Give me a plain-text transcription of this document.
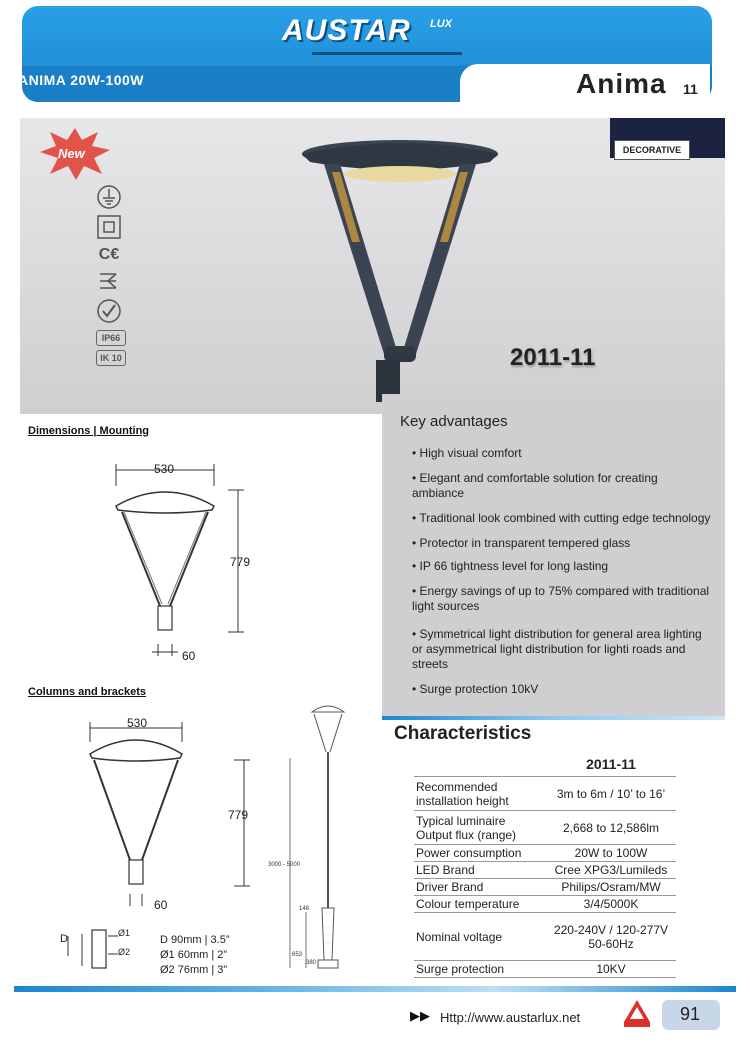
AUSTAR LUX
ANIMA 20W-100W	Anima 11
DECORATIVE
New
C€
IP66
IK 10	2011-11
Dimensions | Mounting
530
779
60
Columns and brackets
530
779
60
D	Ø1
Ø2
D 90mm | 3.5”
Ø1 60mm | 2”
Ø2 76mm | 3”
3000 - 5000
148
653
380
Key advantages
• High visual comfort
• Elegant and comfortable solution for creating ambiance
• Traditional look combined with cutting edge technology
• Protector in transparent tempered glass
• IP 66 tightness level for long lasting
• Energy savings of up to 75% compared with traditional light sources
• Symmetrical light distribution for general area lighting or asymmetrical light distribution for lighti roads and streets
• Surge protection 10kV
Characteristics
	2011-11
Recommended installation height	3m to 6m / 10’ to 16’
Typical luminaire Output flux (range)	2,668 to 12,586lm
Power consumption	20W to 100W
LED Brand	Cree XPG3/Lumileds
Driver Brand	Philips/Osram/MW
Colour temperature	3/4/5000K
Nominal voltage	220-240V / 120-277V 50-60Hz
Surge protection	10KV
▶▶ Http://www.austarlux.net	91
